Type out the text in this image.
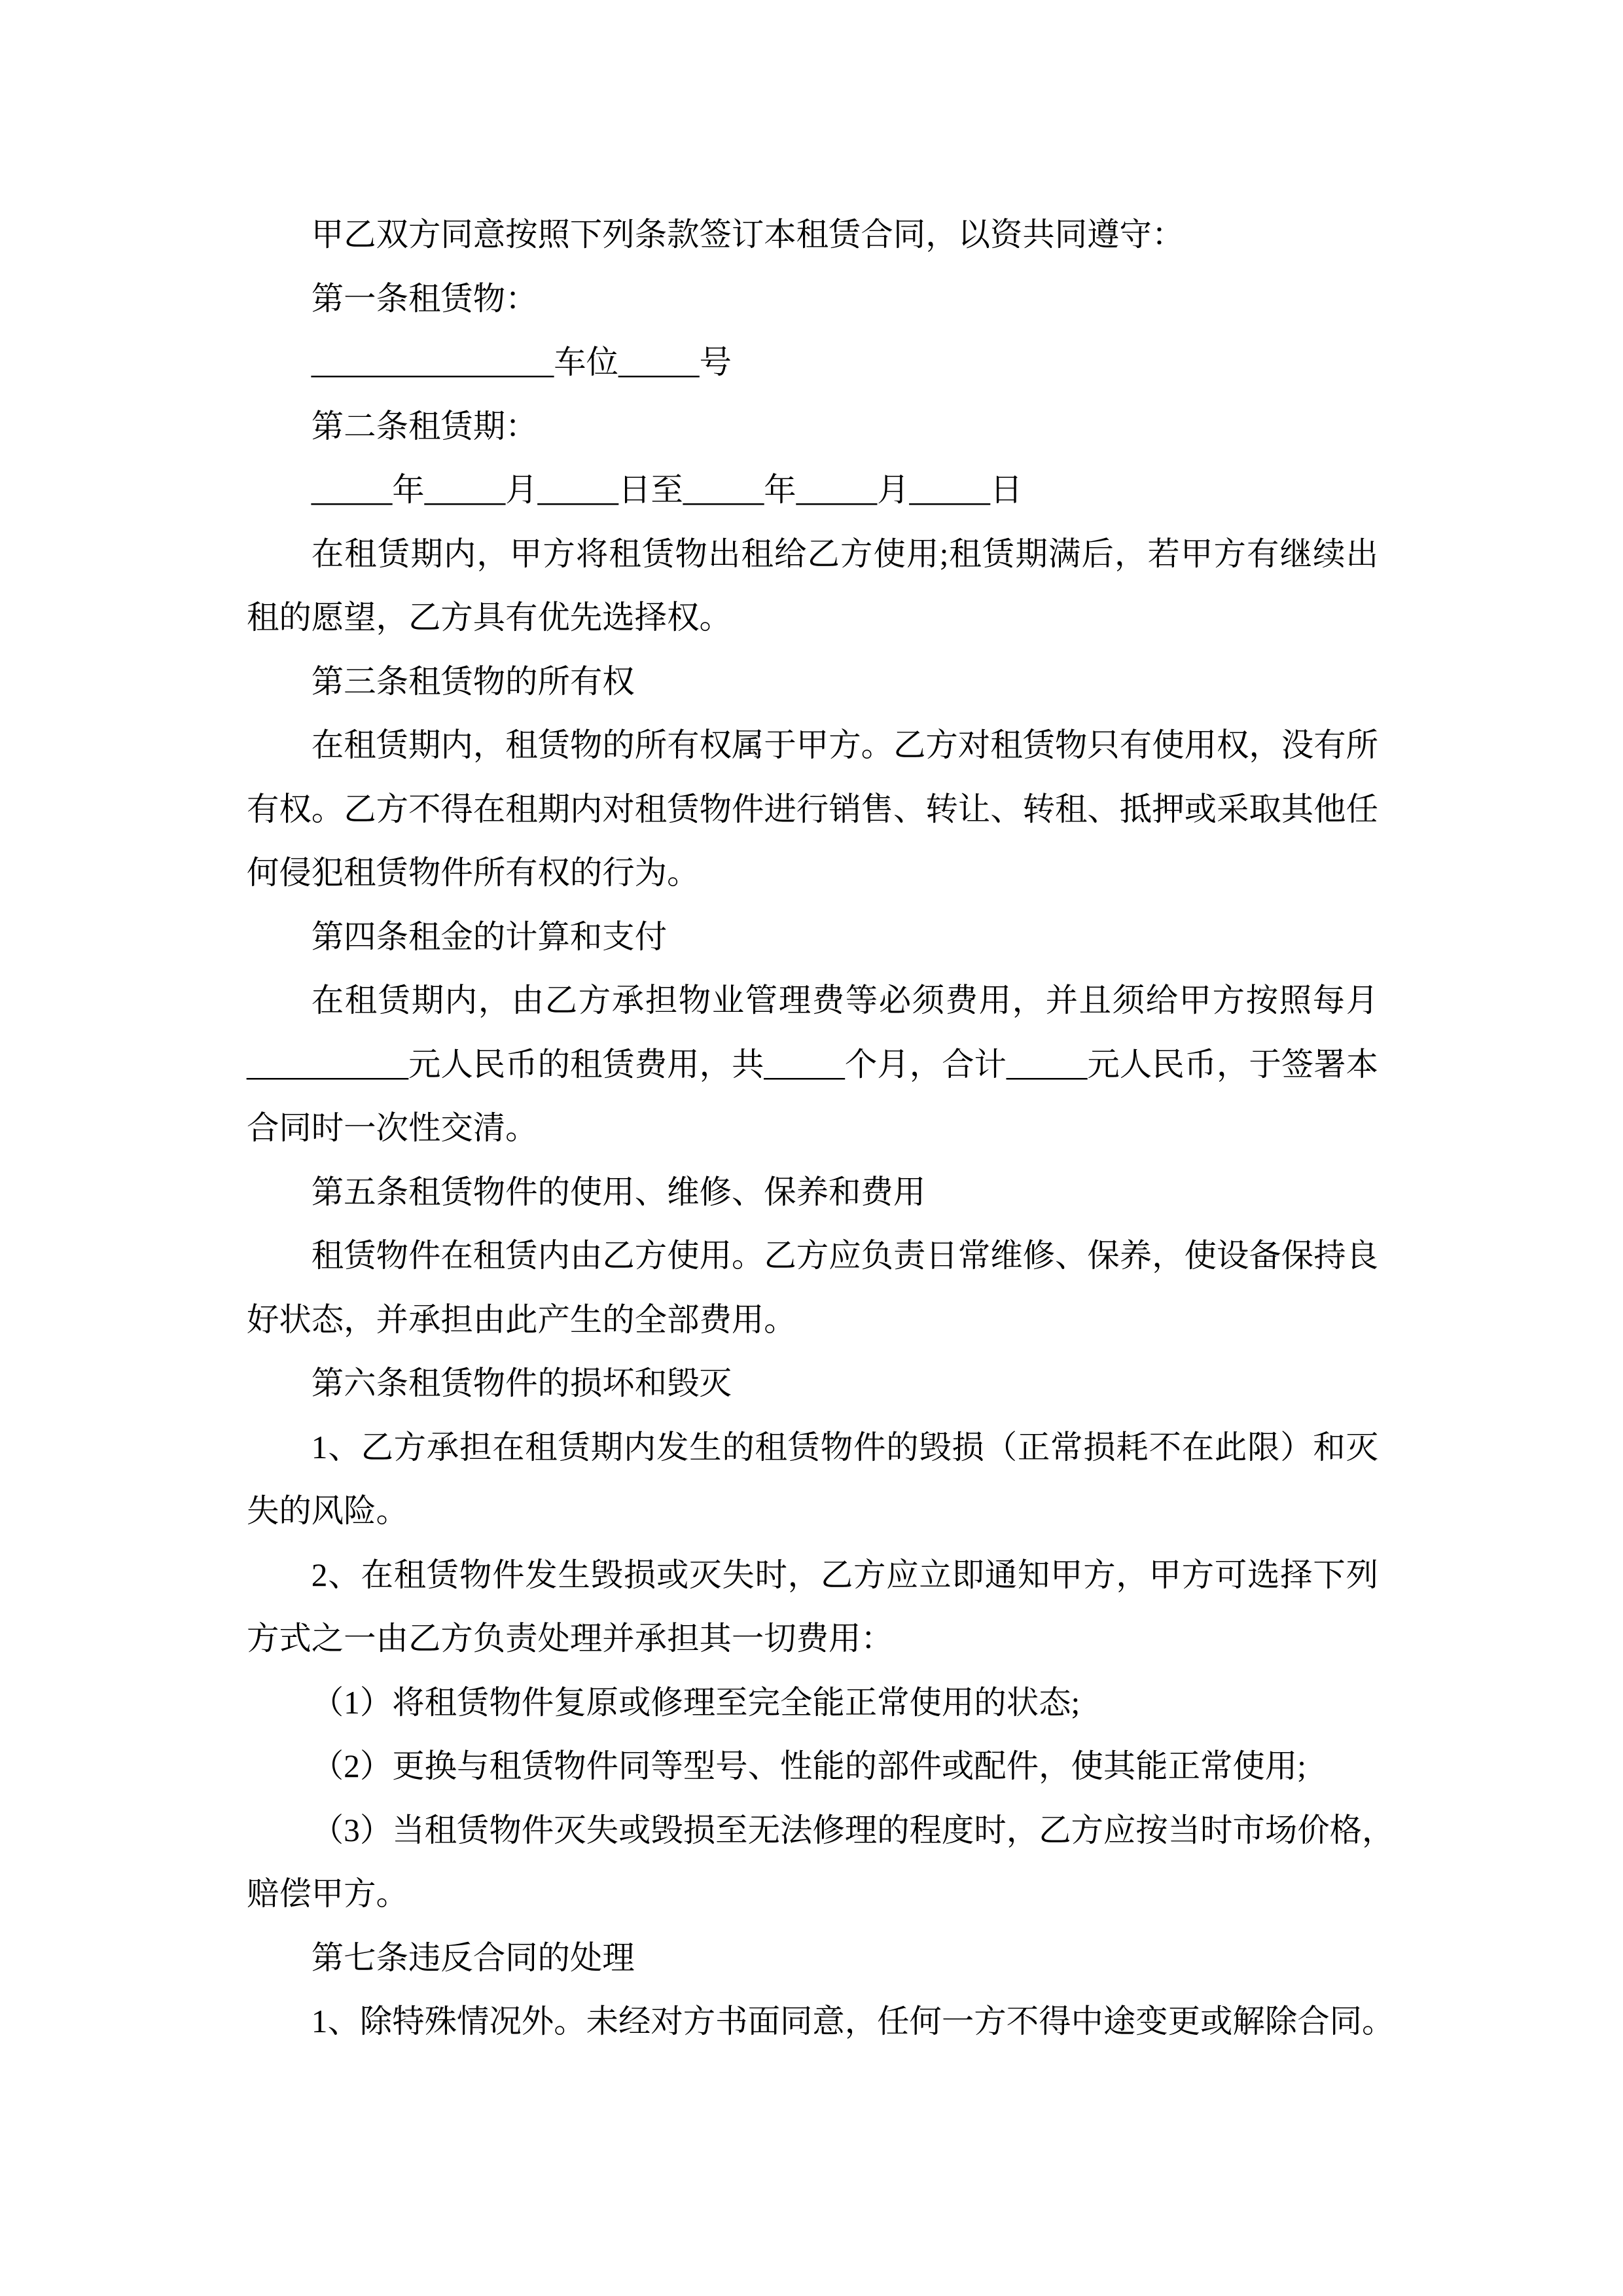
甲乙双方同意按照下列条款签订本租赁合同，以资共同遵守：
第一条租赁物：
_______________车位_____号
第二条租赁期：
_____年_____月_____日至_____年_____月_____日
在租赁期内，甲方将租赁物出租给乙方使用;租赁期满后，若甲方有继续出
租的愿望，乙方具有优先选择权。
第三条租赁物的所有权
在租赁期内，租赁物的所有权属于甲方。乙方对租赁物只有使用权，没有所
有权。乙方不得在租期内对租赁物件进行销售、转让、转租、抵押或采取其他任
何侵犯租赁物件所有权的行为。
第四条租金的计算和支付
在租赁期内，由乙方承担物业管理费等必须费用，并且须给甲方按照每月
__________元人民币的租赁费用，共_____个月，合计_____元人民币，于签署本
合同时一次性交清。
第五条租赁物件的使用、维修、保养和费用
租赁物件在租赁内由乙方使用。乙方应负责日常维修、保养，使设备保持良
好状态，并承担由此产生的全部费用。
第六条租赁物件的损坏和毁灭
1、乙方承担在租赁期内发生的租赁物件的毁损（正常损耗不在此限）和灭
失的风险。
2、在租赁物件发生毁损或灭失时，乙方应立即通知甲方，甲方可选择下列
方式之一由乙方负责处理并承担其一切费用：
（1）将租赁物件复原或修理至完全能正常使用的状态;
（2）更换与租赁物件同等型号、性能的部件或配件，使其能正常使用;
（3）当租赁物件灭失或毁损至无法修理的程度时，乙方应按当时市场价格，
赔偿甲方。
第七条违反合同的处理
1、除特殊情况外。未经对方书面同意，任何一方不得中途变更或解除合同。
